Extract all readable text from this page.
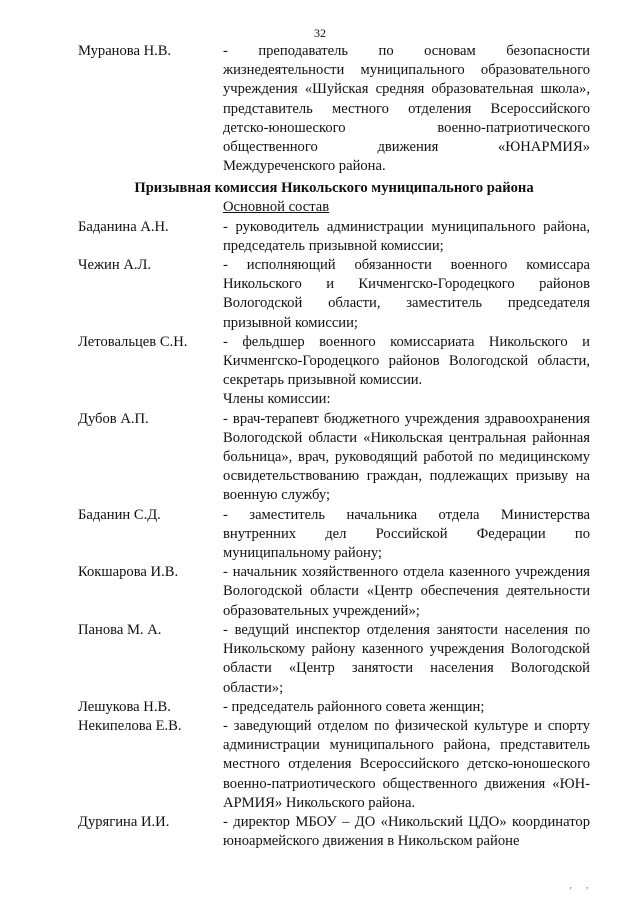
32
Муранова Н.В.	- преподаватель по основам безопасности жизнедеятельности муниципального образовательного учреждения «Шуйская средняя образовательная школа», представитель местного отделения Всероссийского детско-юношеского военно-патриотического общественного движения «ЮНАРМИЯ» Междуреченского района.
Призывная комиссия Никольского муниципального района
Основной состав
Баданина А.Н.	- руководитель администрации муниципального района, председатель призывной комиссии;
Чежин А.Л.	- исполняющий обязанности военного комиссара Никольского и Кичменгско-Городецкого районов Вологодской области, заместитель председателя призывной комиссии;
Летовальцев С.Н.	- фельдшер военного комиссариата Никольского и Кичменгско-Городецкого районов Вологодской области, секретарь призывной комиссии.
Члены комиссии:
Дубов А.П.	- врач-терапевт бюджетного учреждения здравоохранения Вологодской области «Никольская центральная районная больница», врач, руководящий работой по медицинскому освидетельствованию граждан, подлежащих призыву на военную службу;
Баданин С.Д.	- заместитель начальника отдела Министерства внутренних дел Российской Федерации по муниципальному району;
Кокшарова И.В.	- начальник хозяйственного отдела казенного учреждения Вологодской области «Центр обеспечения деятельности образовательных учреждений»;
Панова М. А.	- ведущий инспектор отделения занятости населения по Никольскому району казенного учреждения Вологодской области «Центр занятости населения Вологодской области»;
Лешукова Н.В.	- председатель районного совета женщин;
Некипелова Е.В.	- заведующий отделом по физической культуре и спорту администрации муниципального района, представитель местного отделения Всероссийского детско-юношеского военно-патриотического общественного движения «ЮН-АРМИЯ» Никольского района.
Дурягина И.И.	- директор МБОУ – ДО «Никольский ЦДО» координатор юноармейского движения в Никольском районе
' '
